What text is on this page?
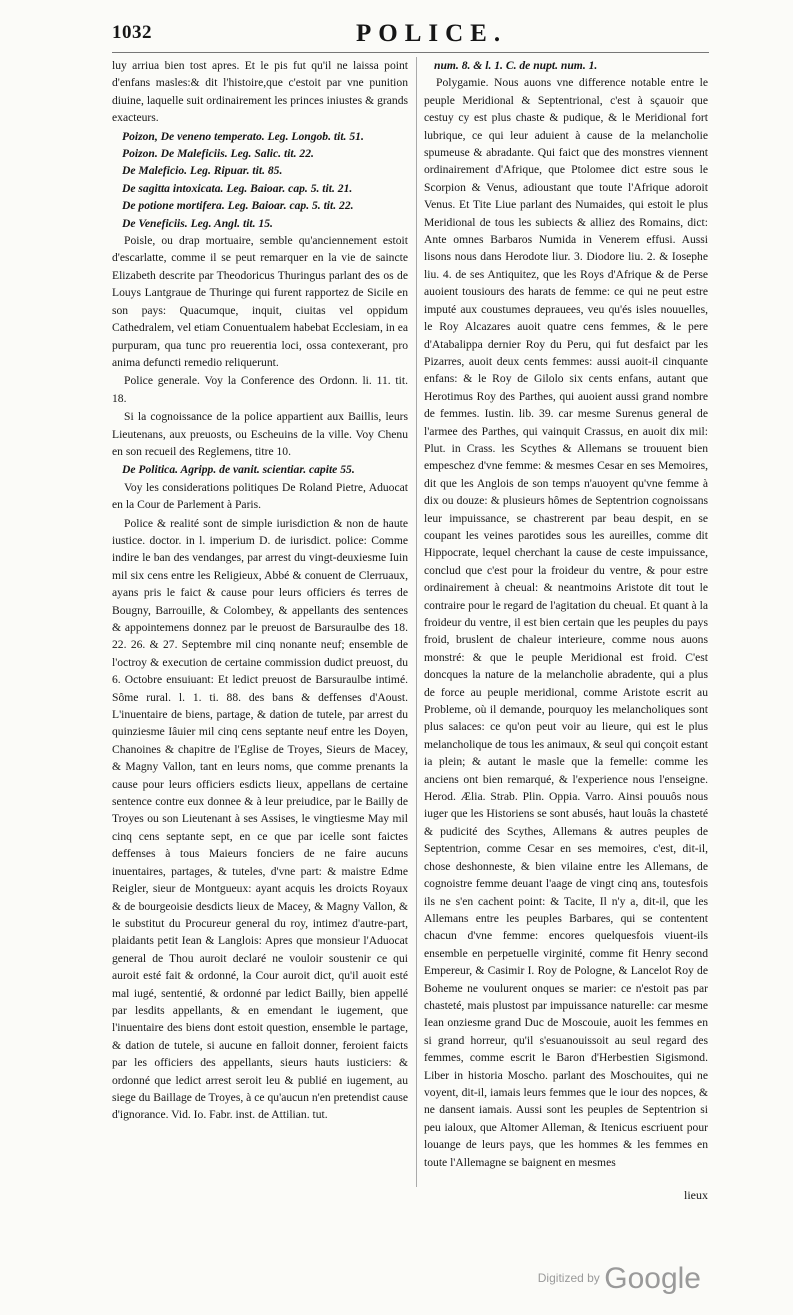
1032	POLICE.

luy arriua bien tost apres. Et le pis fut qu'il ne laissa point d'enfans masles:& dit l'histoire,que c'estoit par vne punition diuine, laquelle suit ordinairement les princes iniustes & grands exacteurs.

Poizon, De veneno temperato. Leg. Longob. tit. 51.

Poizon. De Maleficiis. Leg. Salic. tit. 22.

De Maleficio. Leg. Ripuar. tit. 85.

De sagitta intoxicata. Leg. Baioar. cap. 5. tit. 21.

De potione mortifera. Leg. Baioar. cap. 5. tit. 22.

De Veneficiis. Leg. Angl. tit. 15.

Poisle, ou drap mortuaire, semble qu'anciennement estoit d'escarlatte, comme il se peut remarquer en la vie de saincte Elizabeth descrite par Theodoricus Thuringus parlant des os de Louys Lantgraue de Thuringe qui furent rapportez de Sicile en son pays: Quacumque, inquit, ciuitas vel oppidum Cathedralem, vel etiam Conuentualem habebat Ecclesiam, in ea purpuram, qua tunc pro reuerentia loci, ossa contexerant, pro anima defuncti remedio reliquerunt.

Police generale. Voy la Conference des Ordonn. li. 11. tit. 18.

Si la cognoissance de la police appartient aux Baillis, leurs Lieutenans, aux preuosts, ou Escheuins de la ville. Voy Chenu en son recueil des Reglemens, titre 10.

De Politica. Agripp. de vanit. scientiar. capite 55.

Voy les considerations politiques De Roland Pietre, Aduocat en la Cour de Parlement à Paris.

Police & realité sont de simple iurisdiction & non de haute iustice. doctor. in l. imperium D. de iurisdict. police: Comme indire le ban des vendanges, par arrest du vingt-deuxiesme Iuin mil six cens entre les Religieux, Abbé & conuent de Clerruaux, ayans pris le faict & cause pour leurs officiers és terres de Bougny, Barrouille, & Colombey, & appellants des sentences & appointemens donnez par le preuost de Barsuraulbe des 18. 22. 26. & 27. Septembre mil cinq nonante neuf; ensemble de l'octroy & execution de certaine commission dudict preuost, du 6. Octobre ensuiuant: Et ledict preuost de Barsuraulbe intimé. Sôme rural. l. 1. ti. 88. des bans & deffenses d'Aoust. L'inuentaire de biens, partage, & dation de tutele, par arrest du quinziesme Iâuier mil cinq cens septante neuf entre les Doyen, Chanoines & chapitre de l'Eglise de Troyes, Sieurs de Macey, & Magny Vallon, tant en leurs noms, que comme prenants la cause pour leurs officiers esdicts lieux, appellans de certaine sentence contre eux donnee & à leur preiudice, par le Bailly de Troyes ou son Lieutenant à ses Assises, le vingtiesme May mil cinq cens septante sept, en ce que par icelle sont faictes deffenses à tous Maieurs fonciers de ne faire aucuns inuentaires, partages, & tuteles, d'vne part: & maistre Edme Reigler, sieur de Montgueux: ayant acquis les droicts Royaux & de bourgeoisie desdicts lieux de Macey, & Magny Vallon, & le substitut du Procureur general du roy, intimez d'autre-part, plaidants petit Iean & Langlois: Apres que monsieur l'Aduocat general de Thou auroit declaré ne vouloir soustenir ce qui auroit esté fait & ordonné, la Cour auroit dict, qu'il auoit esté mal iugé, sententié, & ordonné par ledict Bailly, bien appellé par lesdits appellants, & en emendant le iugement, que l'inuentaire des biens dont estoit question, ensemble le partage, & dation de tutele, si aucune en falloit donner, feroient faicts par les officiers des appellants, sieurs hauts iusticiers: & ordonné que ledict arrest seroit leu & publié en iugement, au siege du Baillage de Troyes, à ce qu'aucun n'en pretendist cause d'ignorance. Vid. Io. Fabr. inst. de Attilian. tut.

num. 8. & l. 1. C. de nupt. num. 1.

Polygamie. Nous auons vne difference notable entre le peuple Meridional & Septentrional, c'est à sçauoir que cestuy cy est plus chaste & pudique, & le Meridional fort lubrique, ce qui leur aduient à cause de la melancholie spumeuse & abradante. Qui faict que des monstres viennent ordinairement d'Afrique, que Ptolomee dict estre sous le Scorpion & Venus, adioustant que toute l'Afrique adoroit Venus. Et Tite Liue parlant des Numaides, qui estoit le plus Meridional de tous les subiects & alliez des Romains, dict: Ante omnes Barbaros Numida in Venerem effusi. Aussi lisons nous dans Herodote liur. 3. Diodore liu. 2. & Iosephe liu. 4. de ses Antiquitez, que les Roys d'Afrique & de Perse auoient tousiours des harats de femme: ce qui ne peut estre imputé aux coustumes deprauees, veu qu'és isles nouuelles, le Roy Alcazares auoit quatre cens femmes, & le pere d'Atabalippa dernier Roy du Peru, qui fut desfaict par les Pizarres, auoit deux cents femmes: aussi auoit-il cinquante enfans: & le Roy de Gilolo six cents enfans, autant que Herotimus Roy des Parthes, qui auoient aussi grand nombre de femmes. Iustin. lib. 39. car mesme Surenus general de l'armee des Parthes, qui vainquit Crassus, en auoit dix mil: Plut. in Crass. les Scythes & Allemans se trouuent bien empeschez d'vne femme: & mesmes Cesar en ses Memoires, dit que les Anglois de son temps n'auoyent qu'vne femme à dix ou douze: & plusieurs hômes de Septentrion cognoissans leur impuissance, se chastrerent par beau despit, en se coupant les veines parotides sous les aureilles, comme dit Hippocrate, lequel cherchant la cause de ceste impuissance, conclud que c'est pour la froideur du ventre, & pour estre ordinairement à cheual: & neantmoins Aristote dit tout le contraire pour le regard de l'agitation du cheual. Et quant à la froideur du ventre, il est bien certain que les peuples du pays froid, bruslent de chaleur interieure, comme nous auons monstré: & que le peuple Meridional est froid. C'est doncques la nature de la melancholie abradente, qui a plus de force au peuple meridional, comme Aristote escrit au Probleme, où il demande, pourquoy les melancholiques sont plus salaces: ce qu'on peut voir au lieure, qui est le plus melancholique de tous les animaux, & seul qui conçoit estant ia plein; & autant le masle que la femelle: comme les anciens ont bien remarqué, & l'experience nous l'enseigne. Herod. Ælia. Strab. Plin. Oppia. Varro. Ainsi pouuôs nous iuger que les Historiens se sont abusés, haut louâs la chasteté & pudicité des Scythes, Allemans & autres peuples de Septentrion, comme Cesar en ses memoires, c'est, dit-il, chose deshonneste, & bien vilaine entre les Allemans, de cognoistre femme deuant l'aage de vingt cinq ans, toutesfois ils ne s'en cachent point: & Tacite, Il n'y a, dit-il, que les Allemans entre les peuples Barbares, qui se contentent chacun d'vne femme: encores quelquesfois viuent-ils ensemble en perpetuelle virginité, comme fit Henry second Empereur, & Casimir I. Roy de Pologne, & Lancelot Roy de Boheme ne voulurent onques se marier: ce n'estoit pas par chasteté, mais plustost par impuissance naturelle: car mesme Iean onziesme grand Duc de Moscouie, auoit les femmes en si grand horreur, qu'il s'esuanouissoit au seul regard des femmes, comme escrit le Baron d'Herbestien Sigismond. Liber in historia Moscho. parlant des Moschouites, qui ne voyent, dit-il, iamais leurs femmes que le iour des nopces, & ne dansent iamais. Aussi sont les peuples de Septentrion si peu ialoux, que Altomer Alleman, & Itenicus escriuent pour louange de leurs pays, que les hommes & les femmes en toute l'Allemagne se baignent en mesmes

lieux
$^{Digitized by}$ Google
